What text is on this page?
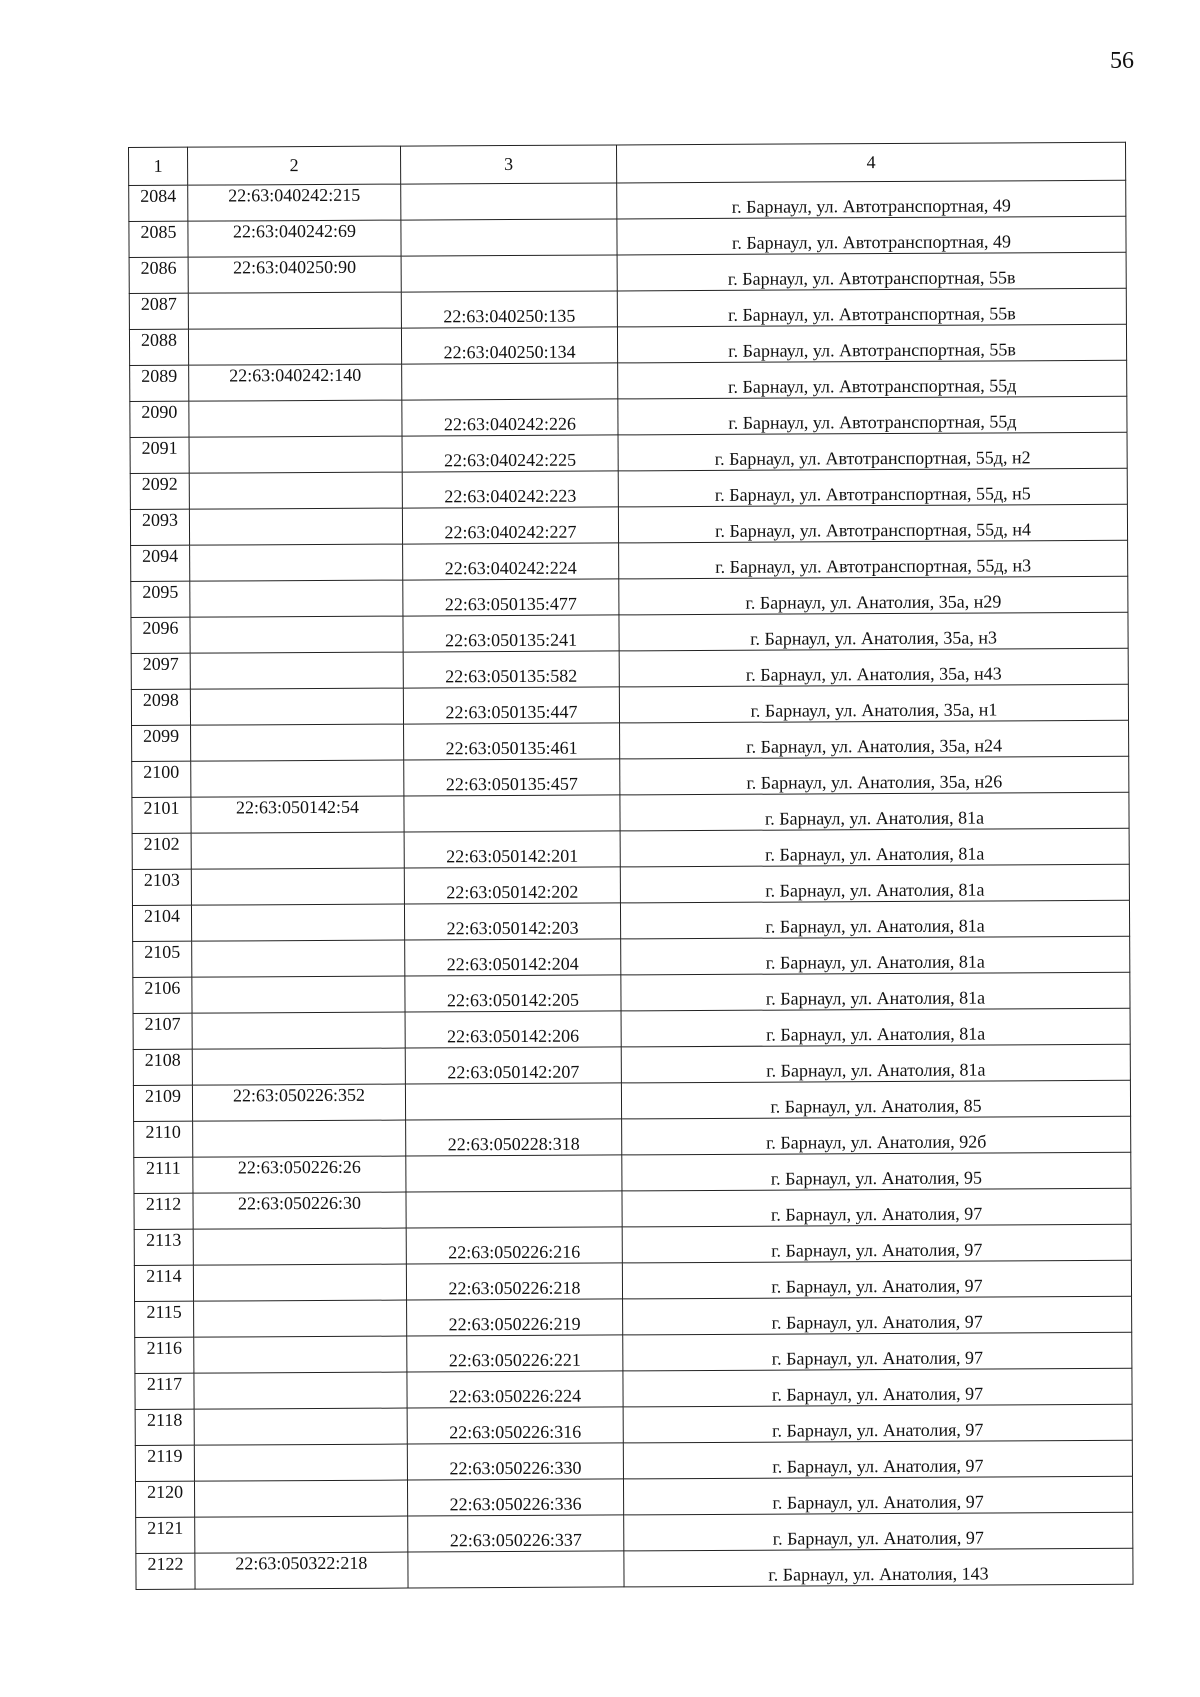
56
1	2	3	4
2084	22:63:040242:215		г. Барнаул, ул. Автотранспортная, 49
2085	22:63:040242:69		г. Барнаул, ул. Автотранспортная, 49
2086	22:63:040250:90		г. Барнаул, ул. Автотранспортная, 55в
2087		22:63:040250:135	г. Барнаул, ул. Автотранспортная, 55в
2088		22:63:040250:134	г. Барнаул, ул. Автотранспортная, 55в
2089	22:63:040242:140		г. Барнаул, ул. Автотранспортная, 55д
2090		22:63:040242:226	г. Барнаул, ул. Автотранспортная, 55д
2091		22:63:040242:225	г. Барнаул, ул. Автотранспортная, 55д, н2
2092		22:63:040242:223	г. Барнаул, ул. Автотранспортная, 55д, н5
2093		22:63:040242:227	г. Барнаул, ул. Автотранспортная, 55д, н4
2094		22:63:040242:224	г. Барнаул, ул. Автотранспортная, 55д, н3
2095		22:63:050135:477	г. Барнаул, ул. Анатолия, 35а, н29
2096		22:63:050135:241	г. Барнаул, ул. Анатолия, 35а, н3
2097		22:63:050135:582	г. Барнаул, ул. Анатолия, 35а, н43
2098		22:63:050135:447	г. Барнаул, ул. Анатолия, 35а, н1
2099		22:63:050135:461	г. Барнаул, ул. Анатолия, 35а, н24
2100		22:63:050135:457	г. Барнаул, ул. Анатолия, 35а, н26
2101	22:63:050142:54		г. Барнаул, ул. Анатолия, 81а
2102		22:63:050142:201	г. Барнаул, ул. Анатолия, 81а
2103		22:63:050142:202	г. Барнаул, ул. Анатолия, 81а
2104		22:63:050142:203	г. Барнаул, ул. Анатолия, 81а
2105		22:63:050142:204	г. Барнаул, ул. Анатолия, 81а
2106		22:63:050142:205	г. Барнаул, ул. Анатолия, 81а
2107		22:63:050142:206	г. Барнаул, ул. Анатолия, 81а
2108		22:63:050142:207	г. Барнаул, ул. Анатолия, 81а
2109	22:63:050226:352		г. Барнаул, ул. Анатолия, 85
2110		22:63:050228:318	г. Барнаул, ул. Анатолия, 92б
2111	22:63:050226:26		г. Барнаул, ул. Анатолия, 95
2112	22:63:050226:30		г. Барнаул, ул. Анатолия, 97
2113		22:63:050226:216	г. Барнаул, ул. Анатолия, 97
2114		22:63:050226:218	г. Барнаул, ул. Анатолия, 97
2115		22:63:050226:219	г. Барнаул, ул. Анатолия, 97
2116		22:63:050226:221	г. Барнаул, ул. Анатолия, 97
2117		22:63:050226:224	г. Барнаул, ул. Анатолия, 97
2118		22:63:050226:316	г. Барнаул, ул. Анатолия, 97
2119		22:63:050226:330	г. Барнаул, ул. Анатолия, 97
2120		22:63:050226:336	г. Барнаул, ул. Анатолия, 97
2121		22:63:050226:337	г. Барнаул, ул. Анатолия, 97
2122	22:63:050322:218		г. Барнаул, ул. Анатолия, 143
